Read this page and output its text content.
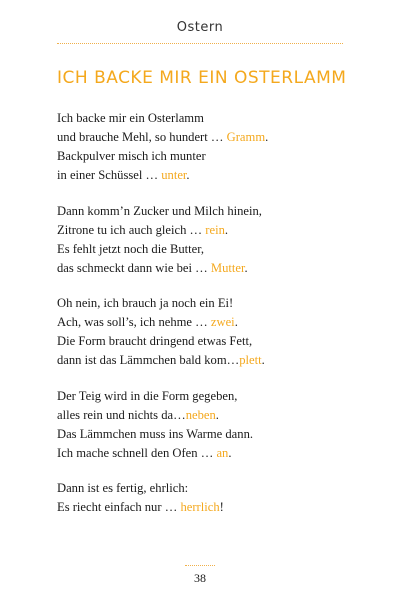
Ostern
ICH BACKE MIR EIN OSTERLAMM
Ich backe mir ein Osterlamm
und brauche Mehl, so hundert … Gramm.
Backpulver misch ich munter
in einer Schüssel … unter.
Dann komm’n Zucker und Milch hinein,
Zitrone tu ich auch gleich … rein.
Es fehlt jetzt noch die Butter,
das schmeckt dann wie bei … Mutter.
Oh nein, ich brauch ja noch ein Ei!
Ach, was soll’s, ich nehme … zwei.
Die Form braucht dringend etwas Fett,
dann ist das Lämmchen bald kom…plett.
Der Teig wird in die Form gegeben,
alles rein und nichts da…neben.
Das Lämmchen muss ins Warme dann.
Ich mache schnell den Ofen … an.
Dann ist es fertig, ehrlich:
Es riecht einfach nur … herrlich!
38
